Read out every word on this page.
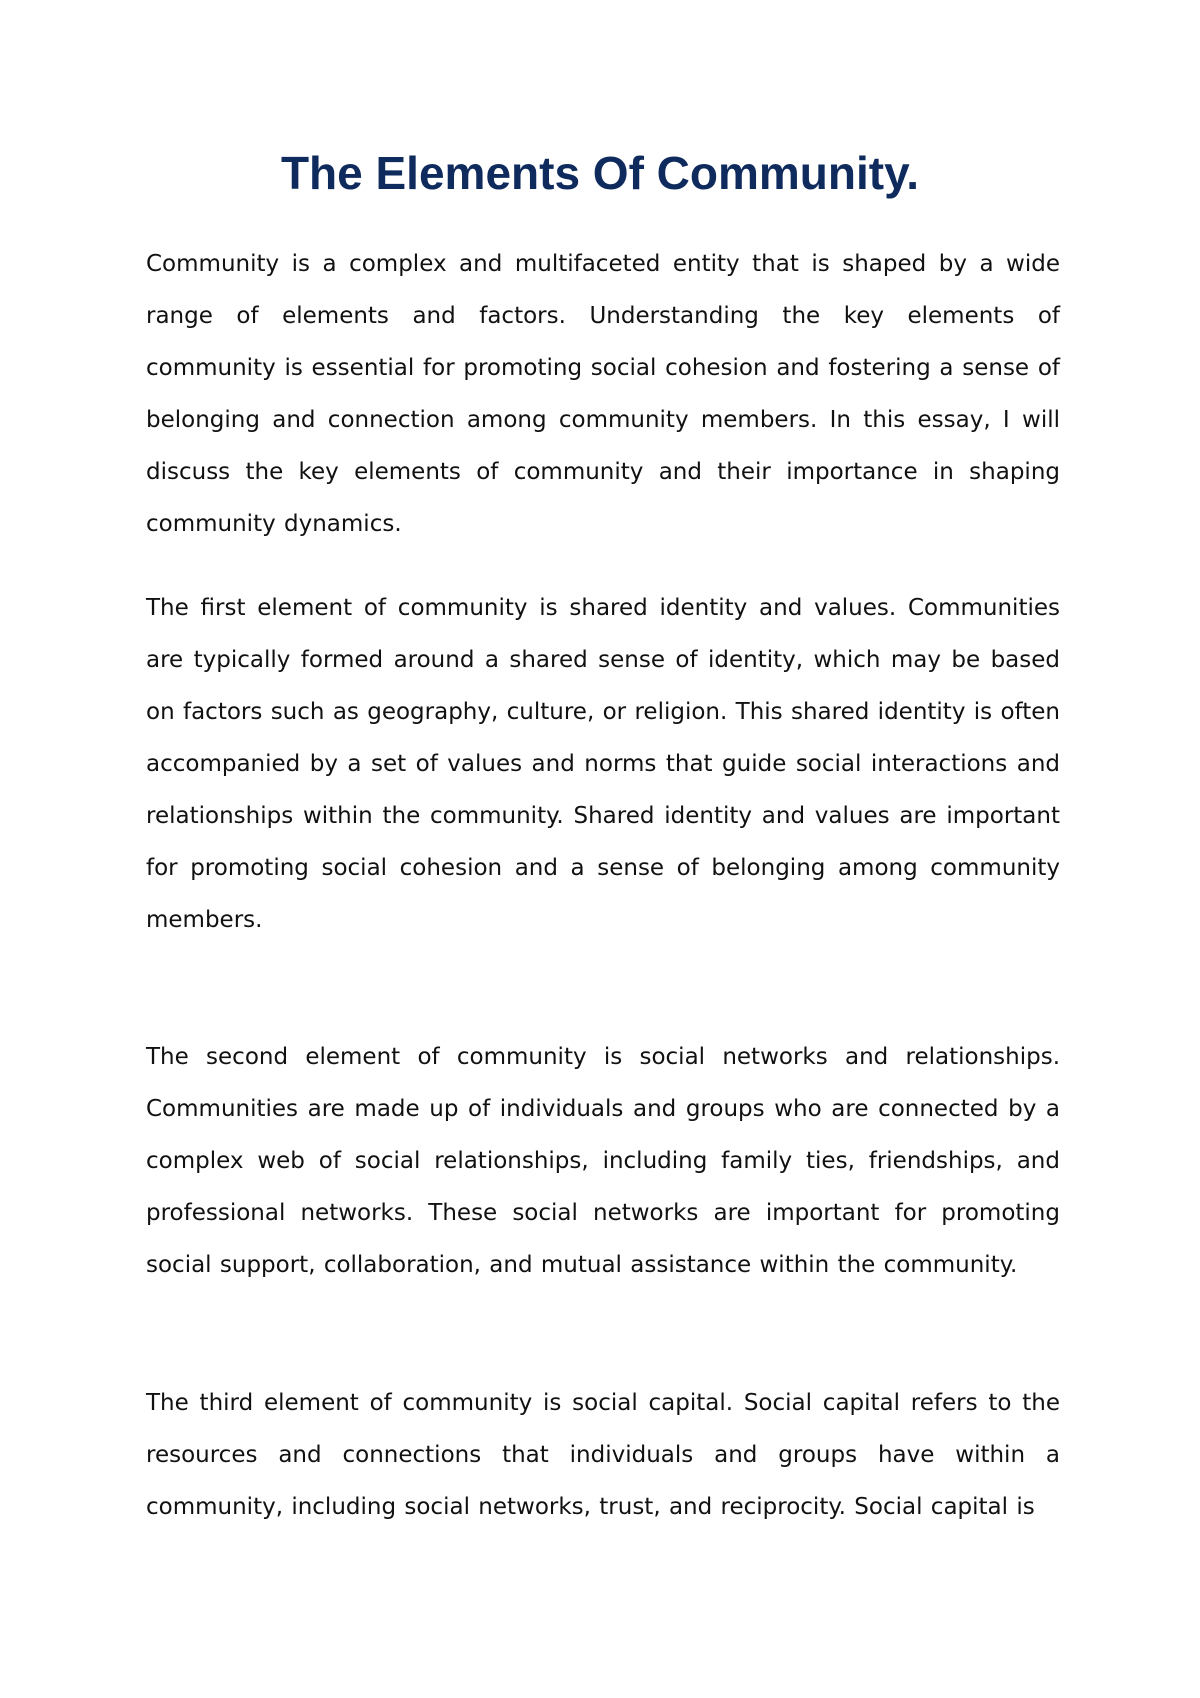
The Elements Of Community.

Community is a complex and multifaceted entity that is shaped by a wide range of elements and factors. Understanding the key elements of community is essential for promoting social cohesion and fostering a sense of belonging and connection among community members. In this essay, I will discuss the key elements of community and their importance in shaping community dynamics.

The first element of community is shared identity and values. Communities are typically formed around a shared sense of identity, which may be based on factors such as geography, culture, or religion. This shared identity is often accompanied by a set of values and norms that guide social interactions and relationships within the community. Shared identity and values are important for promoting social cohesion and a sense of belonging among community members.

The second element of community is social networks and relationships. Communities are made up of individuals and groups who are connected by a complex web of social relationships, including family ties, friendships, and professional networks. These social networks are important for promoting social support, collaboration, and mutual assistance within the community.

The third element of community is social capital. Social capital refers to the resources and connections that individuals and groups have within a community, including social networks, trust, and reciprocity. Social capital is
